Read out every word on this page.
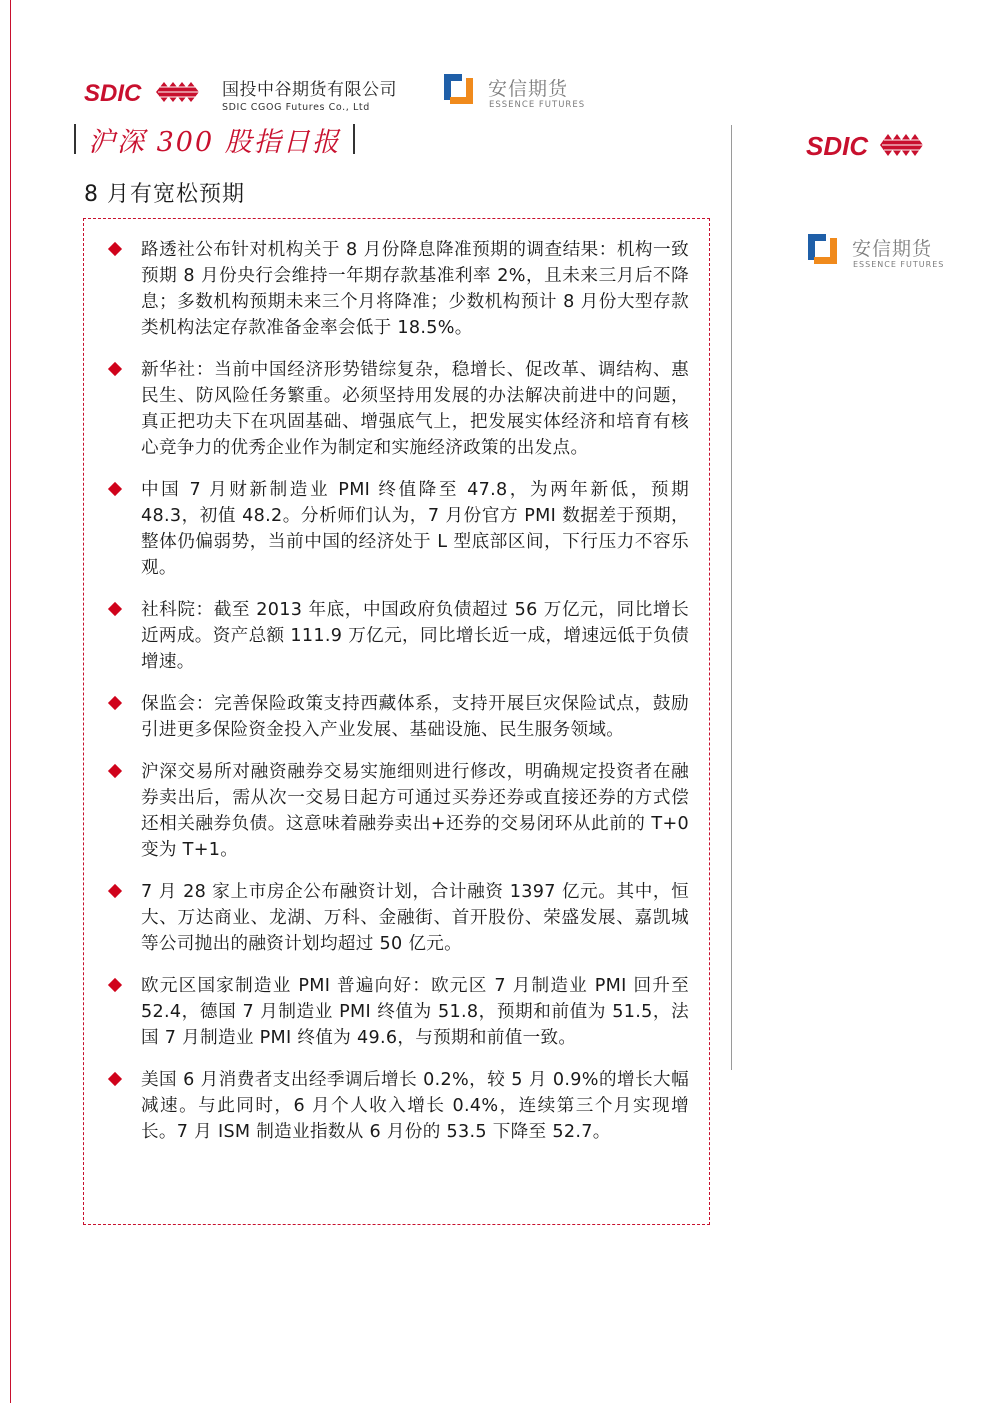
SDIC	国投中谷期货有限公司
SDIC CGOG Futures Co., Ltd
安信期货
ESSENCE FUTURES
沪深 300 股指日报
8 月有宽松预期
路透社公布针对机构关于 8 月份降息降准预期的调查结果：机构一致预期 8 月份央行会维持一年期存款基准利率 2%，且未来三月后不降息；多数机构预期未来三个月将降准；少数机构预计 8 月份大型存款类机构法定存款准备金率会低于 18.5%。
新华社：当前中国经济形势错综复杂，稳增长、促改革、调结构、惠民生、防风险任务繁重。必须坚持用发展的办法解决前进中的问题，真正把功夫下在巩固基础、增强底气上，把发展实体经济和培育有核心竞争力的优秀企业作为制定和实施经济政策的出发点。
中国 7 月财新制造业 PMI 终值降至 47.8，为两年新低，预期 48.3，初值 48.2。分析师们认为，7 月份官方 PMI 数据差于预期，整体仍偏弱势，当前中国的经济处于 L 型底部区间，下行压力不容乐观。
社科院：截至 2013 年底，中国政府负债超过 56 万亿元，同比增长近两成。资产总额 111.9 万亿元，同比增长近一成，增速远低于负债增速。
保监会：完善保险政策支持西藏体系，支持开展巨灾保险试点，鼓励引进更多保险资金投入产业发展、基础设施、民生服务领域。
沪深交易所对融资融券交易实施细则进行修改，明确规定投资者在融券卖出后，需从次一交易日起方可通过买券还券或直接还券的方式偿还相关融券负债。这意味着融券卖出+还券的交易闭环从此前的 T+0 变为 T+1。
7 月 28 家上市房企公布融资计划，合计融资 1397 亿元。其中，恒大、万达商业、龙湖、万科、金融街、首开股份、荣盛发展、嘉凯城等公司抛出的融资计划均超过 50 亿元。
欧元区国家制造业 PMI 普遍向好：欧元区 7 月制造业 PMI 回升至 52.4，德国 7 月制造业 PMI 终值为 51.8，预期和前值为 51.5，法国 7 月制造业 PMI 终值为 49.6，与预期和前值一致。
美国 6 月消费者支出经季调后增长 0.2%，较 5 月 0.9%的增长大幅减速。与此同时，6 月个人收入增长 0.4%，连续第三个月实现增长。7 月 ISM 制造业指数从 6 月份的 53.5 下降至 52.7。
SDIC
安信期货
ESSENCE FUTURES
